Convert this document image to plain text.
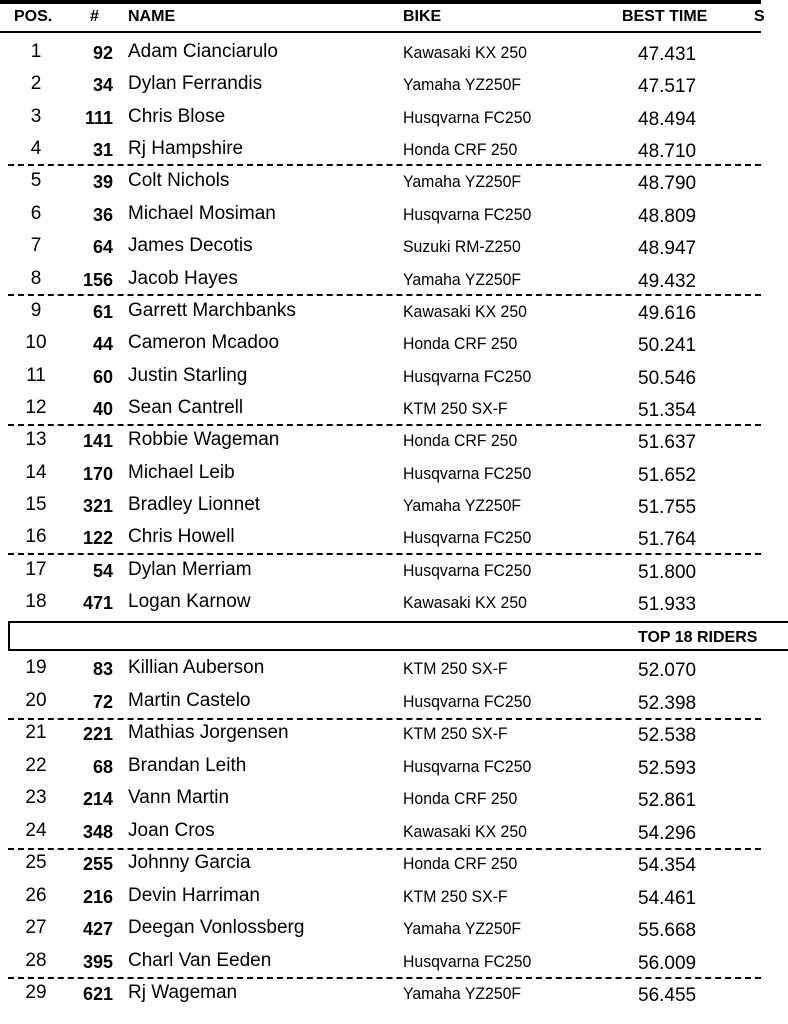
POS. # NAME	BIKE	BEST TIME	S
1	92 Adam Cianciarulo	Kawasaki KX 250	47.431
2	34 Dylan Ferrandis	Yamaha YZ250F	47.517
3	111 Chris Blose	Husqvarna FC250	48.494
4	31 Rj Hampshire	Honda CRF 250	48.710
5	39 Colt Nichols	Yamaha YZ250F	48.790
6	36 Michael Mosiman	Husqvarna FC250	48.809
7	64 James Decotis	Suzuki RM-Z250	48.947
8	156 Jacob Hayes	Yamaha YZ250F	49.432
9	61 Garrett Marchbanks	Kawasaki KX 250	49.616
10	44 Cameron Mcadoo	Honda CRF 250	50.241
11	60 Justin Starling	Husqvarna FC250	50.546
12	40 Sean Cantrell	KTM 250 SX-F	51.354
13	141 Robbie Wageman	Honda CRF 250	51.637
14	170 Michael Leib	Husqvarna FC250	51.652
15	321 Bradley Lionnet	Yamaha YZ250F	51.755
16	122 Chris Howell	Husqvarna FC250	51.764
17	54 Dylan Merriam	Husqvarna FC250	51.800
18	471 Logan Karnow	Kawasaki KX 250	51.933
19	83 Killian Auberson	KTM 250 SX-F	52.070
20	72 Martin Castelo	Husqvarna FC250	52.398
21	221 Mathias Jorgensen	KTM 250 SX-F	52.538
22	68 Brandan Leith	Husqvarna FC250	52.593
23	214 Vann Martin	Honda CRF 250	52.861
24	348 Joan Cros	Kawasaki KX 250	54.296
25	255 Johnny Garcia	Honda CRF 250	54.354
26	216 Devin Harriman	KTM 250 SX-F	54.461
27	427 Deegan Vonlossberg	Yamaha YZ250F	55.668
28	395 Charl Van Eeden	Husqvarna FC250	56.009
29	621 Rj Wageman	Yamaha YZ250F	56.455
TOP 18 RIDERS
